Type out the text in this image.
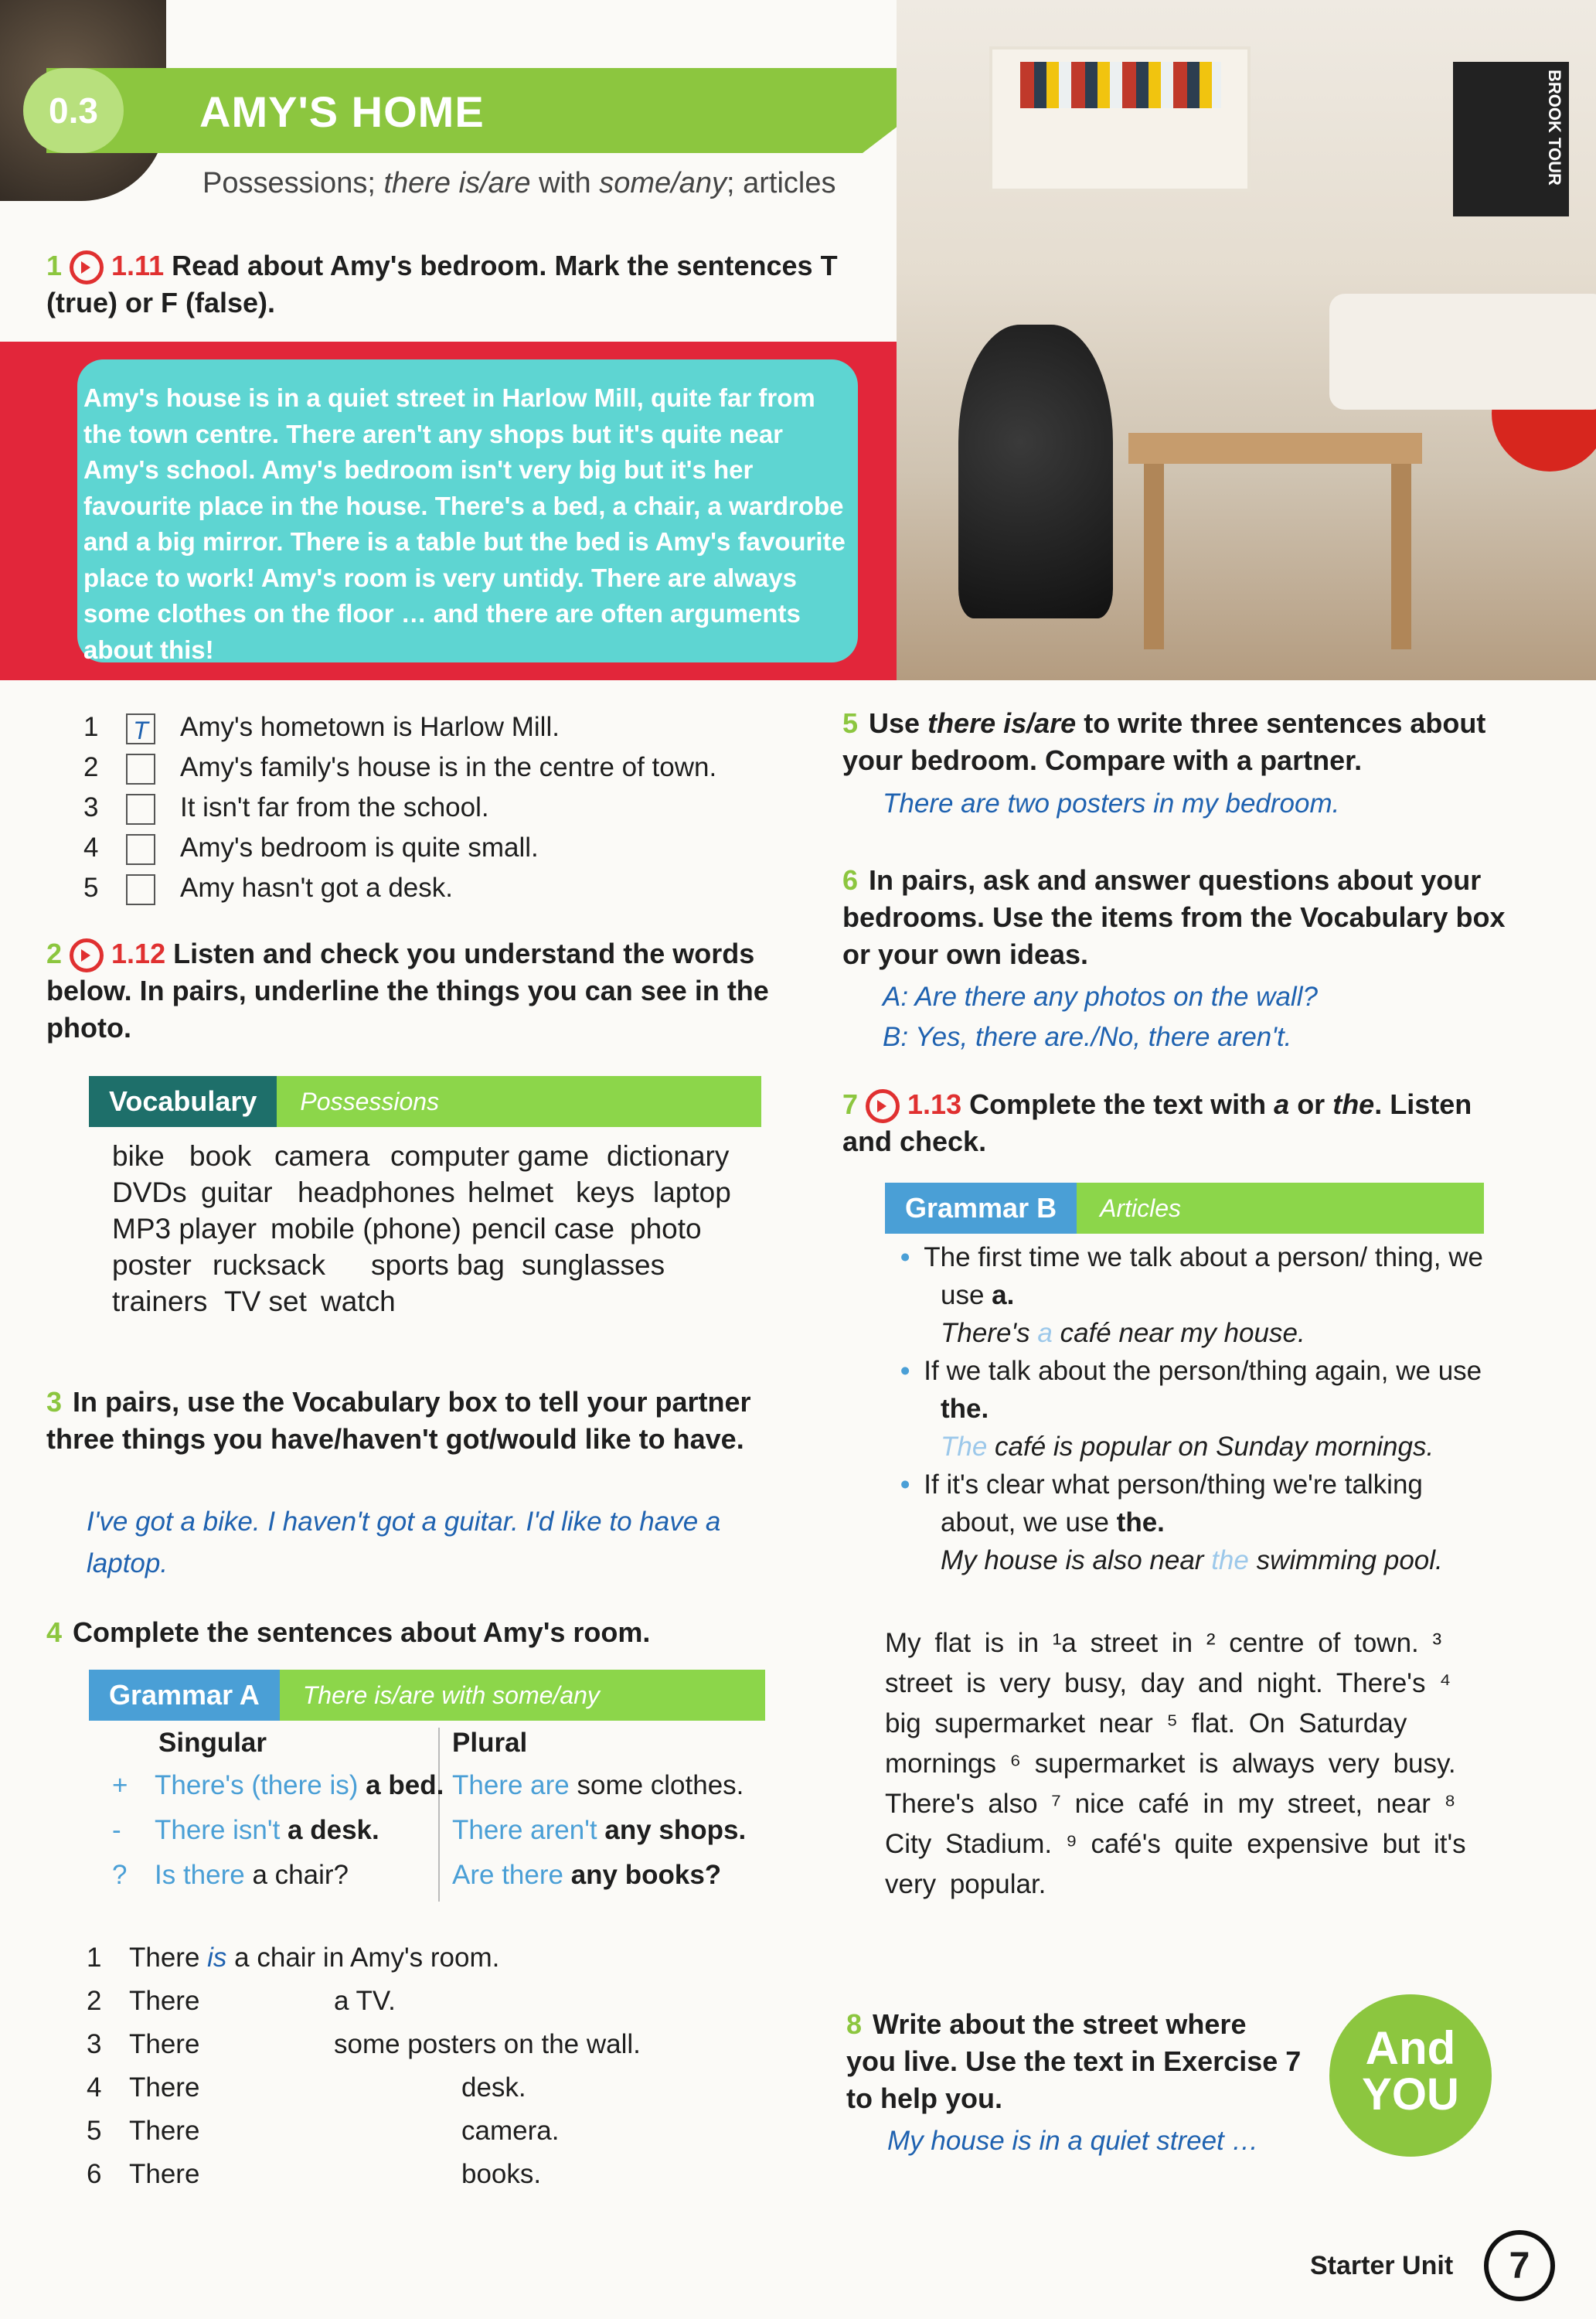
0.3 AMY'S HOME
Possessions; there is/are with some/any; articles	BROOK TOUR
1 1.11 Read about Amy's bedroom. Mark the sentences T (true) or F (false).
Amy's house is in a quiet street in Harlow Mill, quite far from the town centre. There aren't any shops but it's quite near Amy's school. Amy's bedroom isn't very big but it's her favourite place in the house. There's a bed, a chair, a wardrobe and a big mirror. There is a table but the bed is Amy's favourite place to work! Amy's room is very untidy. There are always some clothes on the floor … and there are often arguments about this!
1 T Amy's hometown is Harlow Mill.
2	Amy's family's house is in the centre of town.
3	It isn't far from the school.
4	Amy's bedroom is quite small.
5	Amy hasn't got a desk.
2 1.12 Listen and check you understand the words below. In pairs, underline the things you can see in the photo.
Vocabulary	Possessions
bike book camera computer game dictionary
DVDs guitar headphones helmet keys laptop
MP3 player mobile (phone) pencil case photo
poster rucksack sports bag sunglasses
trainers TV set watch
3 In pairs, use the Vocabulary box to tell your partner three things you have/haven't got/would like to have.
I've got a bike. I haven't got a guitar. I'd like to have a laptop.
4 Complete the sentences about Amy's room.
Grammar A	There is/are with some/any
Singular	Plural
+ There's (there is) a bed. There are some clothes.
- There isn't a desk.	There aren't any shops.
? Is there a chair?	Are there any books?
1 There is a chair in Amy's room.
2 There	a TV.
3 There	some posters on the wall.
4 There	desk.
5 There	camera.
6 There	books.
5 Use there is/are to write three sentences about your bedroom. Compare with a partner.
There are two posters in my bedroom.
6 In pairs, ask and answer questions about your bedrooms. Use the items from the Vocabulary box or your own ideas.
A: Are there any photos on the wall?
B: Yes, there are./No, there aren't.
7 1.13 Complete the text with a or the. Listen and check.
Grammar B	Articles
• The first time we talk about a person/ thing, we use a.
There's a café near my house.
• If we talk about the person/thing again, we use the.
The café is popular on Sunday mornings.
• If it's clear what person/thing we're talking about, we use the.
My house is also near the swimming pool.
My flat is in ¹a street in ² centre of town. ³ street is very busy, day and night. There's ⁴ big supermarket near ⁵ flat. On Saturday mornings ⁶ supermarket is always very busy. There's also ⁷ nice café in my street, near ⁸ City Stadium. ⁹ café's quite expensive but it's very popular.
8 Write about the street where you live. Use the text in Exercise 7 to help you.
My house is in a quiet street …
And
YOU
Starter Unit 7
